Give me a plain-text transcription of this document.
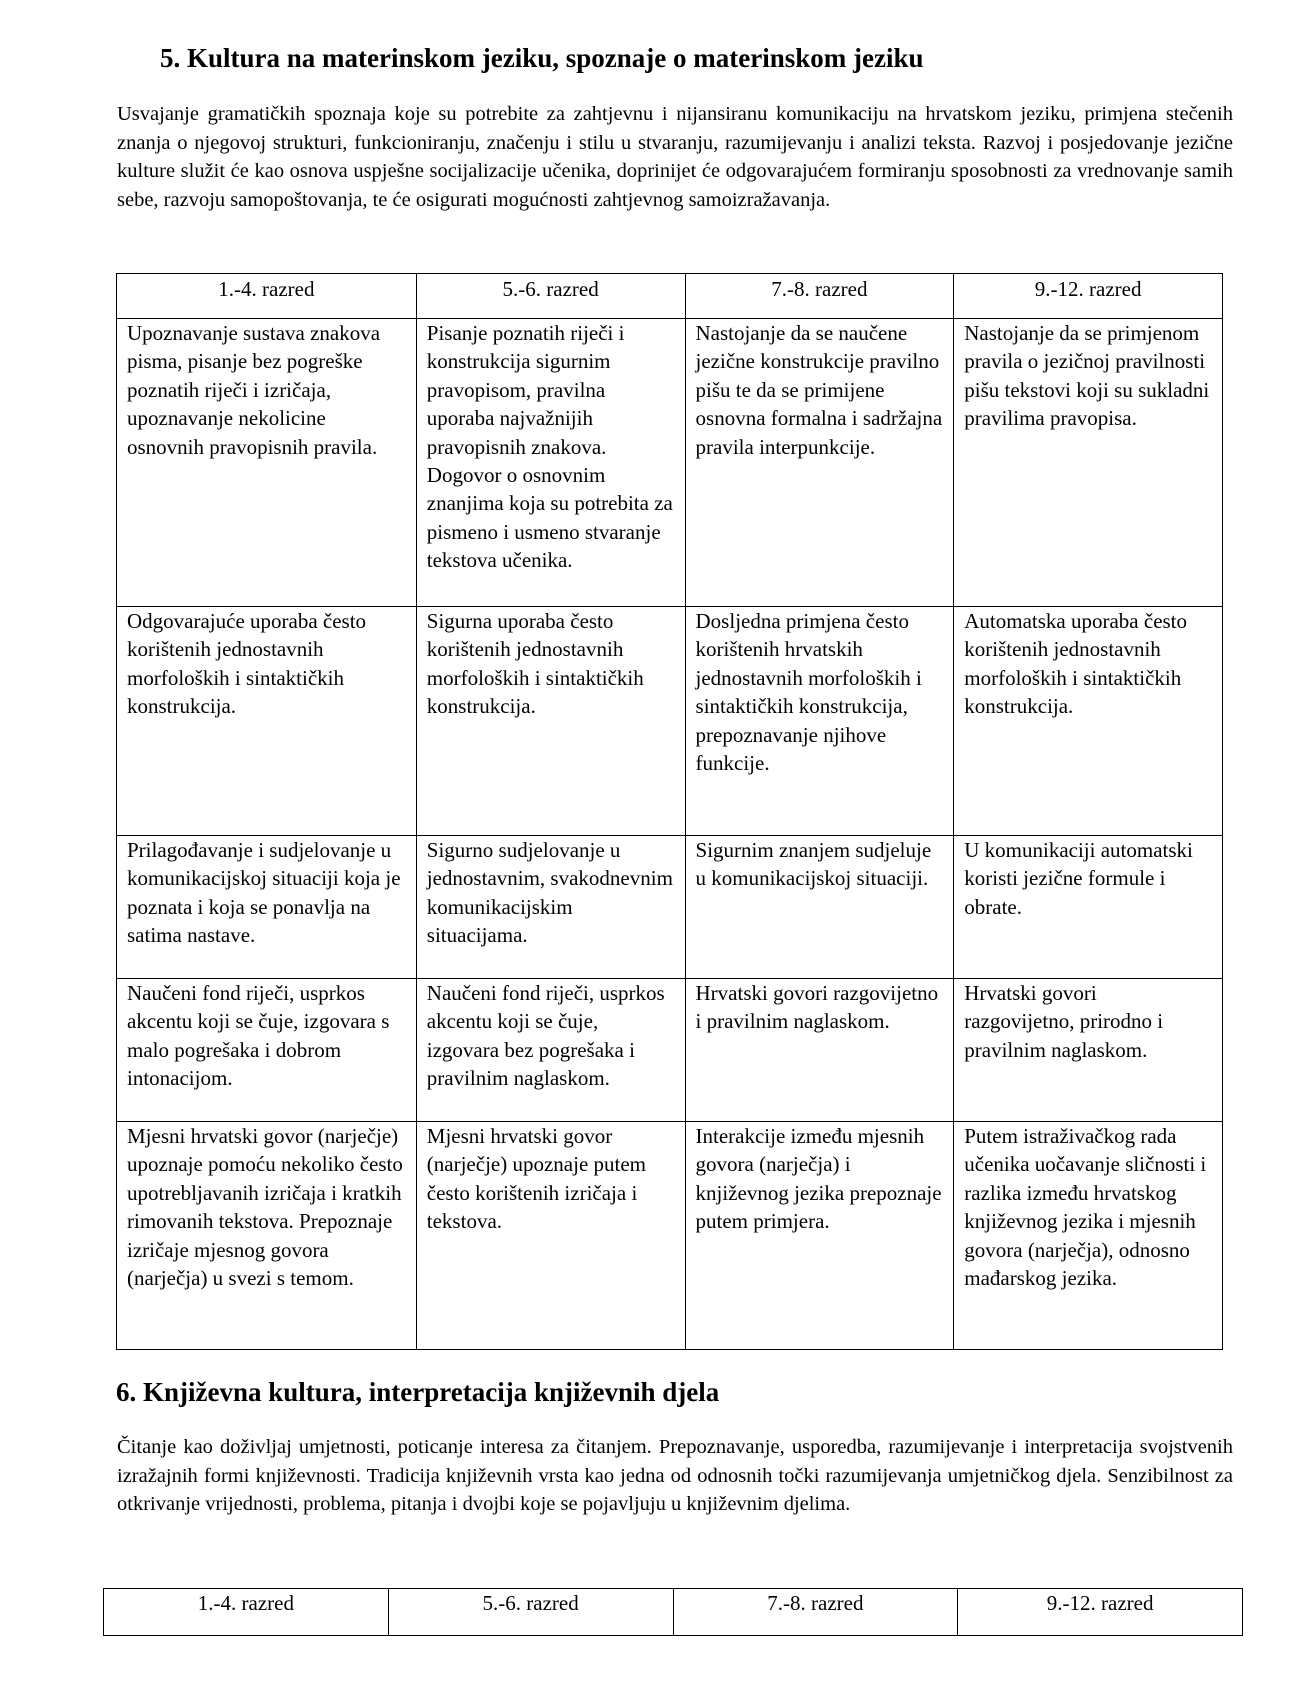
5. Kultura na materinskom jeziku, spoznaje o materinskom jeziku

Usvajanje gramatičkih spoznaja koje su potrebite za zahtjevnu i nijansiranu komunikaciju na hrvatskom jeziku, primjena stečenih znanja o njegovoj strukturi, funkcioniranju, značenju i stilu u stvaranju, razumijevanju i analizi teksta. Razvoj i posjedovanje jezične kulture služit će kao osnova uspješne socijalizacije učenika, doprinijet će odgovarajućem formiranju sposobnosti za vrednovanje samih sebe, razvoju samopoštovanja, te će osigurati mogućnosti zahtjevnog samoizražavanja.

1.-4. razred	5.-6. razred	7.-8. razred	9.-12. razred
Upoznavanje sustava znakova pisma, pisanje bez pogreške poznatih riječi i izričaja, upoznavanje nekolicine osnovnih pravopisnih pravila.	Pisanje poznatih riječi i konstrukcija sigurnim pravopisom, pravilna uporaba najvažnijih pravopisnih znakova. Dogovor o osnovnim znanjima koja su potrebita za pismeno i usmeno stvaranje tekstova učenika.	Nastojanje da se naučene jezične konstrukcije pravilno pišu te da se primijene osnovna formalna i sadržajna pravila interpunkcije.	Nastojanje da se primjenom pravila o jezičnoj pravilnosti pišu tekstovi koji su sukladni pravilima pravopisa.
Odgovarajuće uporaba često korištenih jednostavnih morfoloških i sintaktičkih konstrukcija.	Sigurna uporaba često korištenih jednostavnih morfoloških i sintaktičkih konstrukcija.	Dosljedna primjena često korištenih hrvatskih jednostavnih morfoloških i sintaktičkih konstrukcija, prepoznavanje njihove funkcije.	Automatska uporaba često korištenih jednostavnih morfoloških i sintaktičkih konstrukcija.
Prilagođavanje i sudjelovanje u komunikacijskoj situaciji koja je poznata i koja se ponavlja na satima nastave.	Sigurno sudjelovanje u jednostavnim, svakodnevnim komunikacijskim situacijama.	Sigurnim znanjem sudjeluje u komunikacijskoj situaciji.	U komunikaciji automatski koristi jezične formule i obrate.
Naučeni fond riječi, usprkos akcentu koji se čuje, izgovara s malo pogrešaka i dobrom intonacijom.	Naučeni fond riječi, usprkos akcentu koji se čuje, izgovara bez pogrešaka i pravilnim naglaskom.	Hrvatski govori razgovijetno i pravilnim naglaskom.	Hrvatski govori razgovijetno, prirodno i pravilnim naglaskom.
Mjesni hrvatski govor (narječje) upoznaje pomoću nekoliko često upotrebljavanih izričaja i kratkih rimovanih tekstova. Prepoznaje izričaje mjesnog govora (narječja) u svezi s temom.	Mjesni hrvatski govor (narječje) upoznaje putem često korištenih izričaja i tekstova.	Interakcije između mjesnih govora (narječja) i književnog jezika prepoznaje putem primjera.	Putem istraživačkog rada učenika uočavanje sličnosti i razlika između hrvatskog književnog jezika i mjesnih govora (narječja), odnosno mađarskog jezika.
6. Književna kultura, interpretacija književnih djela

Čitanje kao doživljaj umjetnosti, poticanje interesa za čitanjem. Prepoznavanje, usporedba, razumijevanje i interpretacija svojstvenih izražajnih formi književnosti. Tradicija književnih vrsta kao jedna od odnosnih točki razumijevanja umjetničkog djela. Senzibilnost za otkrivanje vrijednosti, problema, pitanja i dvojbi koje se pojavljuju u književnim djelima.

1.-4. razred	5.-6. razred	7.-8. razred	9.-12. razred
